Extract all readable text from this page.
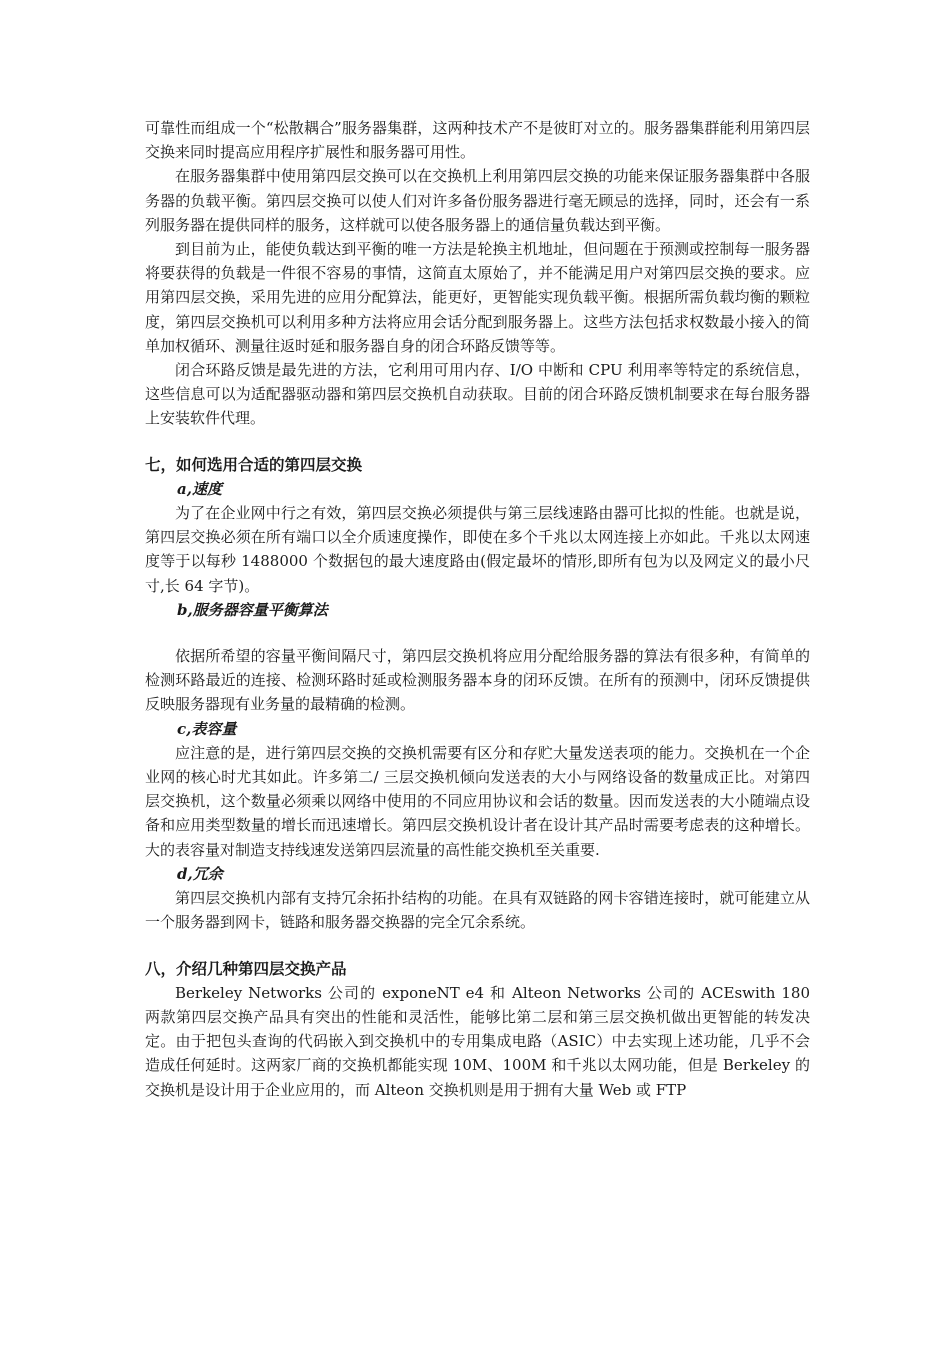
可靠性而组成一个“松散耦合”服务器集群，这两种技术产不是彼盯对立的。服务器集群能利用第四层交换来同时提高应用程序扩展性和服务器可用性。

在服务器集群中使用第四层交换可以在交换机上利用第四层交换的功能来保证服务器集群中各服务器的负载平衡。第四层交换可以使人们对许多备份服务器进行毫无顾忌的选择，同时，还会有一系列服务器在提供同样的服务，这样就可以使各服务器上的通信量负载达到平衡。

到目前为止，能使负载达到平衡的唯一方法是轮换主机地址，但问题在于预测或控制每一服务器将要获得的负载是一件很不容易的事情，这简直太原始了，并不能满足用户对第四层交换的要求。应用第四层交换，采用先进的应用分配算法，能更好，更智能实现负载平衡。根据所需负载均衡的颗粒度，第四层交换机可以利用多种方法将应用会话分配到服务器上。这些方法包括求权数最小接入的简单加权循环、测量往返时延和服务器自身的闭合环路反馈等等。

闭合环路反馈是最先进的方法，它利用可用内存、I/O 中断和 CPU 利用率等特定的系统信息，这些信息可以为适配器驱动器和第四层交换机自动获取。目前的闭合环路反馈机制要求在每台服务器上安装软件代理。

七，如何选用合适的第四层交换

a,速度

为了在企业网中行之有效，第四层交换必须提供与第三层线速路由器可比拟的性能。也就是说，第四层交换必须在所有端口以全介质速度操作，即使在多个千兆以太网连接上亦如此。千兆以太网速度等于以每秒 1488000 个数据包的最大速度路由(假定最坏的情形,即所有包为以及网定义的最小尺寸,长 64 字节)。

b,服务器容量平衡算法

依据所希望的容量平衡间隔尺寸，第四层交换机将应用分配给服务器的算法有很多种，有简单的检测环路最近的连接、检测环路时延或检测服务器本身的闭环反馈。在所有的预测中，闭环反馈提供反映服务器现有业务量的最精确的检测。

c,表容量

应注意的是，进行第四层交换的交换机需要有区分和存贮大量发送表项的能力。交换机在一个企业网的核心时尤其如此。许多第二/ 三层交换机倾向发送表的大小与网络设备的数量成正比。对第四层交换机，这个数量必须乘以网络中使用的不同应用协议和会话的数量。因而发送表的大小随端点设备和应用类型数量的增长而迅速增长。第四层交换机设计者在设计其产品时需要考虑表的这种增长。大的表容量对制造支持线速发送第四层流量的高性能交换机至关重要.

d,冗余

第四层交换机内部有支持冗余拓扑结构的功能。在具有双链路的网卡容错连接时，就可能建立从一个服务器到网卡，链路和服务器交换器的完全冗余系统。

八，介绍几种第四层交换产品

Berkeley Networks 公司的 exponeNT e4 和 Alteon Networks 公司的 ACEswith 180 两款第四层交换产品具有突出的性能和灵活性，能够比第二层和第三层交换机做出更智能的转发决定。由于把包头查询的代码嵌入到交换机中的专用集成电路（ASIC）中去实现上述功能，几乎不会造成任何延时。这两家厂商的交换机都能实现 10M、100M 和千兆以太网功能，但是 Berkeley 的交换机是设计用于企业应用的，而 Alteon 交换机则是用于拥有大量 Web 或 FTP
